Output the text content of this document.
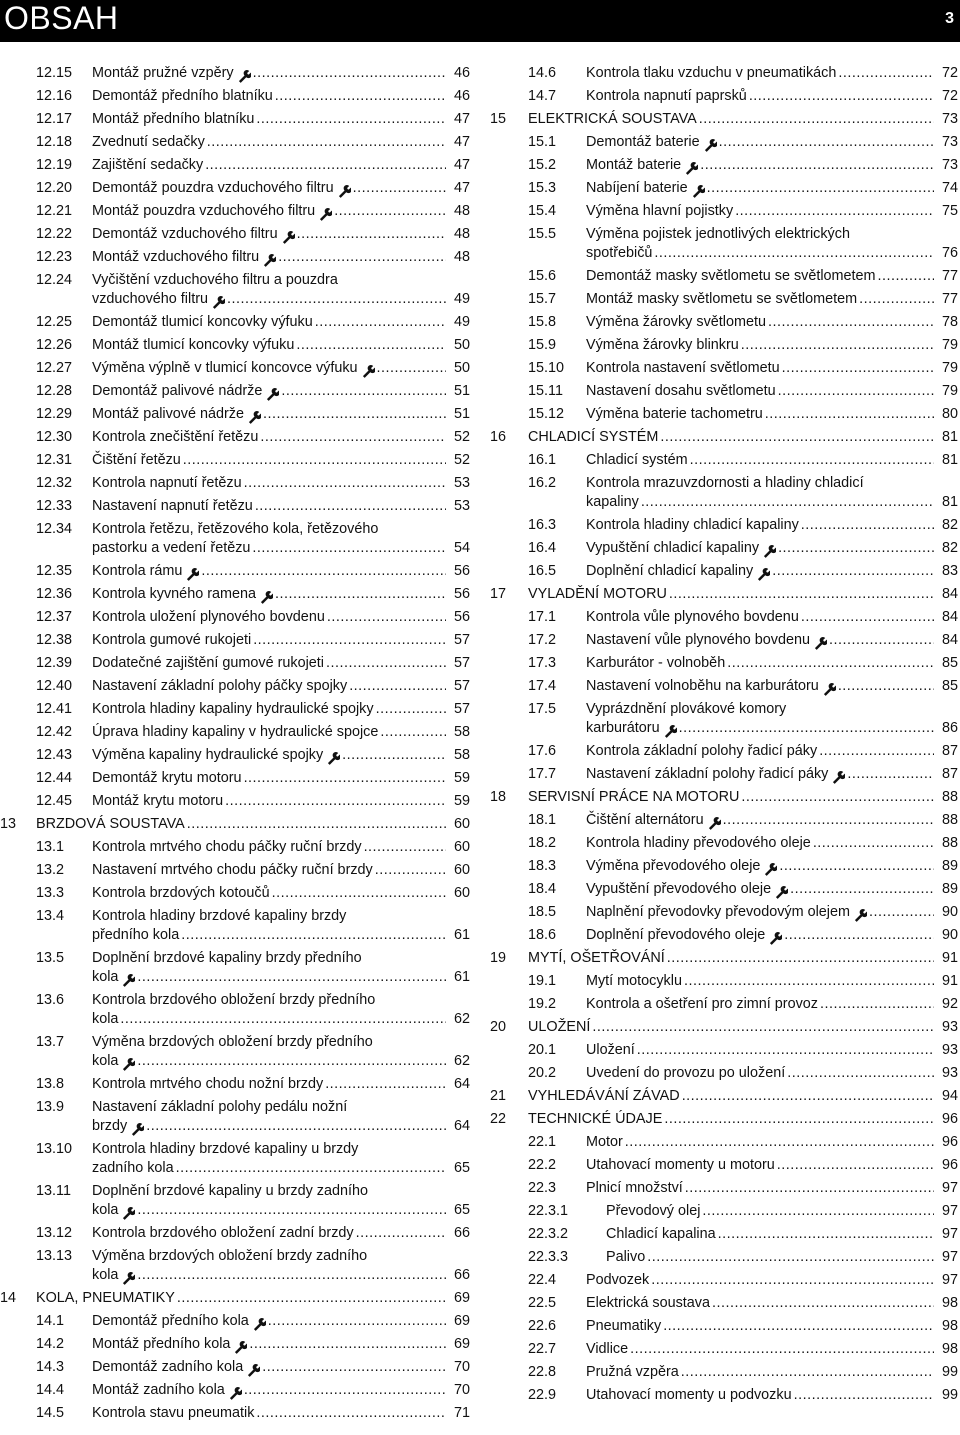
OBSAH	3
12.15 Montáž pružné vzpěry .....	46
12.16 Demontáž předního blatníku .....	46
12.17 Montáž předního blatníku .....	47
12.18 Zvednutí sedačky .....	47
12.19 Zajištění sedačky .....	47
12.20 Demontáž pouzdra vzduchového filtru .....	47
12.21 Montáž pouzdra vzduchového filtru .....	48
12.22 Demontáž vzduchového filtru .....	48
12.23 Montáž vzduchového filtru .....	48
12.24 Vyčištění vzduchového filtru a pouzdra
vzduchového filtru .....	49
12.25 Demontáž tlumicí koncovky výfuku .....	49
12.26 Montáž tlumicí koncovky výfuku .....	50
12.27 Výměna výplně v tlumicí koncovce výfuku .....	50
12.28 Demontáž palivové nádrže .....	51
12.29 Montáž palivové nádrže .....	51
12.30 Kontrola znečištění řetězu .....	52
12.31 Čištění řetězu .....	52
12.32 Kontrola napnutí řetězu .....	53
12.33 Nastavení napnutí řetězu .....	53
12.34 Kontrola řetězu, řetězového kola, řetězového
pastorku a vedení řetězu .....	54
12.35 Kontrola rámu .....	56
12.36 Kontrola kyvného ramena .....	56
12.37 Kontrola uložení plynového bovdenu .....	56
12.38 Kontrola gumové rukojeti .....	57
12.39 Dodatečné zajištění gumové rukojeti .....	57
12.40 Nastavení základní polohy páčky spojky .....	57
12.41 Kontrola hladiny kapaliny hydraulické spojky .....	57
12.42 Úprava hladiny kapaliny v hydraulické spojce .....	58
12.43 Výměna kapaliny hydraulické spojky .....	58
12.44 Demontáž krytu motoru .....	59
12.45 Montáž krytu motoru .....	59
13 BRZDOVÁ SOUSTAVA .....	60
13.1 Kontrola mrtvého chodu páčky ruční brzdy .....	60
13.2 Nastavení mrtvého chodu páčky ruční brzdy .....	60
13.3 Kontrola brzdových kotoučů .....	60
13.4 Kontrola hladiny brzdové kapaliny brzdy
předního kola .....	61
13.5 Doplnění brzdové kapaliny brzdy předního
kola .....	61
13.6 Kontrola brzdového obložení brzdy předního
kola .....	62
13.7 Výměna brzdových obložení brzdy předního
kola .....	62
13.8 Kontrola mrtvého chodu nožní brzdy .....	64
13.9 Nastavení základní polohy pedálu nožní
brzdy .....	64
13.10 Kontrola hladiny brzdové kapaliny u brzdy
zadního kola .....	65
13.11 Doplnění brzdové kapaliny u brzdy zadního
kola .....	65
13.12 Kontrola brzdového obložení zadní brzdy .....	66
13.13 Výměna brzdových obložení brzdy zadního
kola .....	66
14 KOLA, PNEUMATIKY .....	69
14.1 Demontáž předního kola .....	69
14.2 Montáž předního kola .....	69
14.3 Demontáž zadního kola .....	70
14.4 Montáž zadního kola .....	70
14.5 Kontrola stavu pneumatik .....	71
14.6 Kontrola tlaku vzduchu v pneumatikách .....	72
14.7 Kontrola napnutí paprsků .....	72
15 ELEKTRICKÁ SOUSTAVA .....	73
15.1 Demontáž baterie .....	73
15.2 Montáž baterie .....	73
15.3 Nabíjení baterie .....	74
15.4 Výměna hlavní pojistky .....	75
15.5 Výměna pojistek jednotlivých elektrických
spotřebičů .....	76
15.6 Demontáž masky světlometu se světlometem .....	77
15.7 Montáž masky světlometu se světlometem .....	77
15.8 Výměna žárovky světlometu .....	78
15.9 Výměna žárovky blinkru .....	79
15.10 Kontrola nastavení světlometu .....	79
15.11 Nastavení dosahu světlometu .....	79
15.12 Výměna baterie tachometru .....	80
16 CHLADICÍ SYSTÉM .....	81
16.1 Chladicí systém .....	81
16.2 Kontrola mrazuvzdornosti a hladiny chladicí
kapaliny .....	81
16.3 Kontrola hladiny chladicí kapaliny .....	82
16.4 Vypuštění chladicí kapaliny .....	82
16.5 Doplnění chladicí kapaliny .....	83
17 VYLADĚNÍ MOTORU .....	84
17.1 Kontrola vůle plynového bovdenu .....	84
17.2 Nastavení vůle plynového bovdenu .....	84
17.3 Karburátor - volnoběh .....	85
17.4 Nastavení volnoběhu na karburátoru .....	85
17.5 Vyprázdnění plovákové komory
karburátoru .....	86
17.6 Kontrola základní polohy řadicí páky .....	87
17.7 Nastavení základní polohy řadicí páky .....	87
18 SERVISNÍ PRÁCE NA MOTORU .....	88
18.1 Čištění alternátoru .....	88
18.2 Kontrola hladiny převodového oleje .....	88
18.3 Výměna převodového oleje .....	89
18.4 Vypuštění převodového oleje .....	89
18.5 Naplnění převodovky převodovým olejem .....	90
18.6 Doplnění převodového oleje .....	90
19 MYTÍ, OŠETŘOVÁNÍ .....	91
19.1 Mytí motocyklu .....	91
19.2 Kontrola a ošetření pro zimní provoz .....	92
20 ULOŽENÍ .....	93
20.1 Uložení .....	93
20.2 Uvedení do provozu po uložení .....	93
21 VYHLEDÁVÁNÍ ZÁVAD .....	94
22 TECHNICKÉ ÚDAJE .....	96
22.1 Motor .....	96
22.2 Utahovací momenty u motoru .....	96
22.3 Plnicí množství .....	97
22.3.1	Převodový olej .....	97
22.3.2	Chladicí kapalina .....	97
22.3.3	Palivo .....	97
22.4 Podvozek .....	97
22.5 Elektrická soustava .....	98
22.6 Pneumatiky .....	98
22.7 Vidlice .....	98
22.8 Pružná vzpěra .....	99
22.9 Utahovací momenty u podvozku .....	99
